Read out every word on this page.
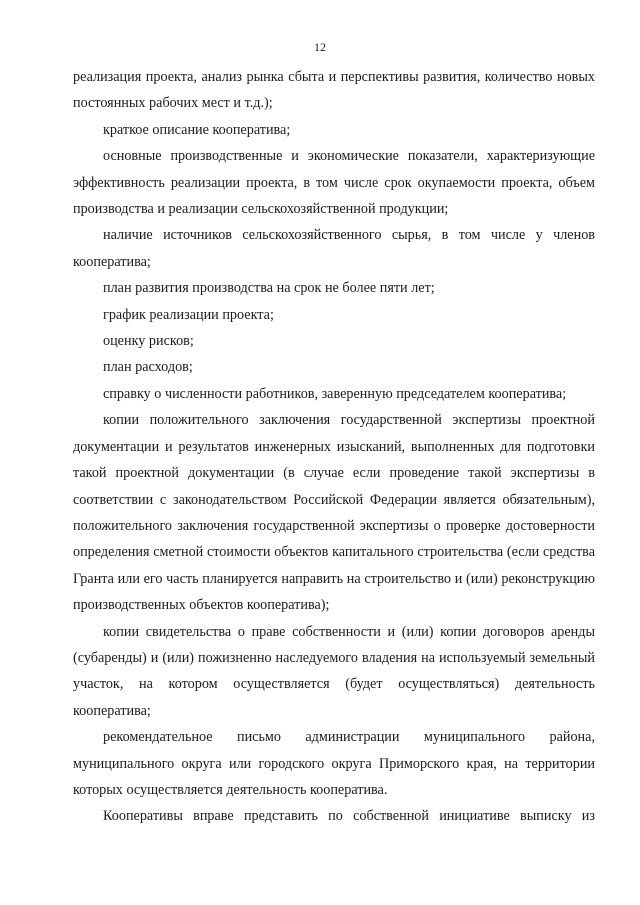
12

реализация проекта, анализ рынка сбыта и перспективы развития, количество новых постоянных рабочих мест и т.д.);

краткое описание кооператива;

основные производственные и экономические показатели, характеризующие эффективность реализации проекта, в том числе срок окупаемости проекта, объем производства и реализации сельскохозяйственной продукции;

наличие источников сельскохозяйственного сырья, в том числе у членов кооператива;

план развития производства на срок не более пяти лет;

график реализации проекта;

оценку рисков;

план расходов;

справку о численности работников, заверенную председателем кооператива;

копии положительного заключения государственной экспертизы проектной документации и результатов инженерных изысканий, выполненных для подготовки такой проектной документации (в случае если проведение такой экспертизы в соответствии с законодательством Российской Федерации является обязательным), положительного заключения государственной экспертизы о проверке достоверности определения сметной стоимости объектов капитального строительства (если средства Гранта или его часть планируется направить на строительство и (или) реконструкцию производственных объектов кооператива);

копии свидетельства о праве собственности и (или) копии договоров аренды (субаренды) и (или) пожизненно наследуемого владения на используемый земельный участок, на котором осуществляется (будет осуществляться) деятельность кооператива;

рекомендательное письмо администрации муниципального района, муниципального округа или городского округа Приморского края, на территории которых осуществляется деятельность кооператива.

Кооперативы вправе представить по собственной инициативе выписку из
